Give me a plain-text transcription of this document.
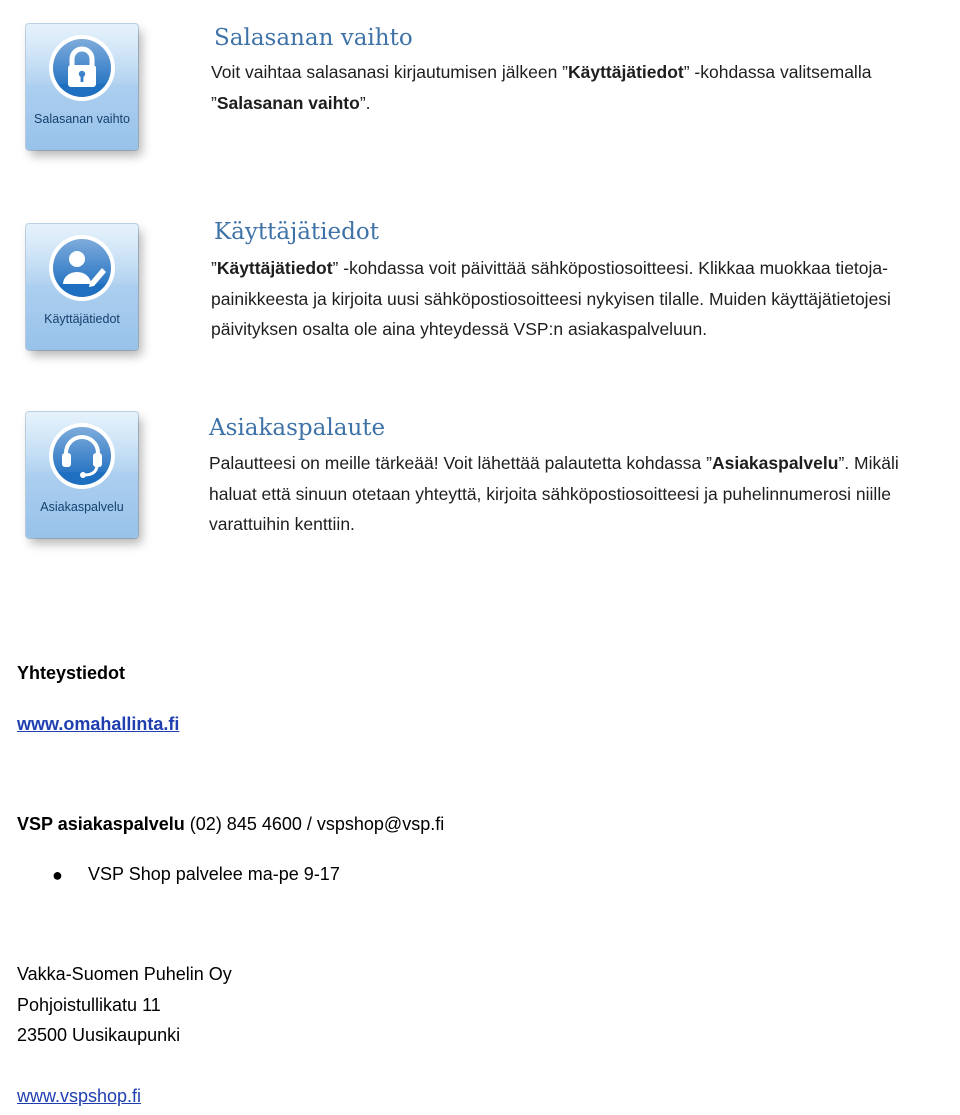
Salasanan vaihto
Salasanan vaihto

Voit vaihtaa salasanasi kirjautumisen jälkeen ”Käyttäjätiedot” -kohdassa valitsemalla ”Salasanan vaihto”.

Käyttäjätiedot
Käyttäjätiedot

”Käyttäjätiedot” -kohdassa voit päivittää sähköpostiosoitteesi. Klikkaa muokkaa tietoja-painikkeesta ja kirjoita uusi sähköpostiosoitteesi nykyisen tilalle. Muiden käyttäjätietojesi päivityksen osalta ole aina yhteydessä VSP:n asiakaspalveluun.

Asiakaspalvelu
Asiakaspalaute

Palautteesi on meille tärkeää! Voit lähettää palautetta kohdassa ”Asiakaspalvelu”. Mikäli haluat että sinuun otetaan yhteyttä, kirjoita sähköpostiosoitteesi ja puhelinnumerosi niille varattuihin kenttiin.

Yhteystiedot

www.omahallinta.fi

VSP asiakaspalvelu (02) 845 4600 / vspshop@vsp.fi

● VSP Shop palvelee ma-pe 9-17

Vakka-Suomen Puhelin Oy

Pohjoistullikatu 11

23500 Uusikaupunki

www.vspshop.fi
